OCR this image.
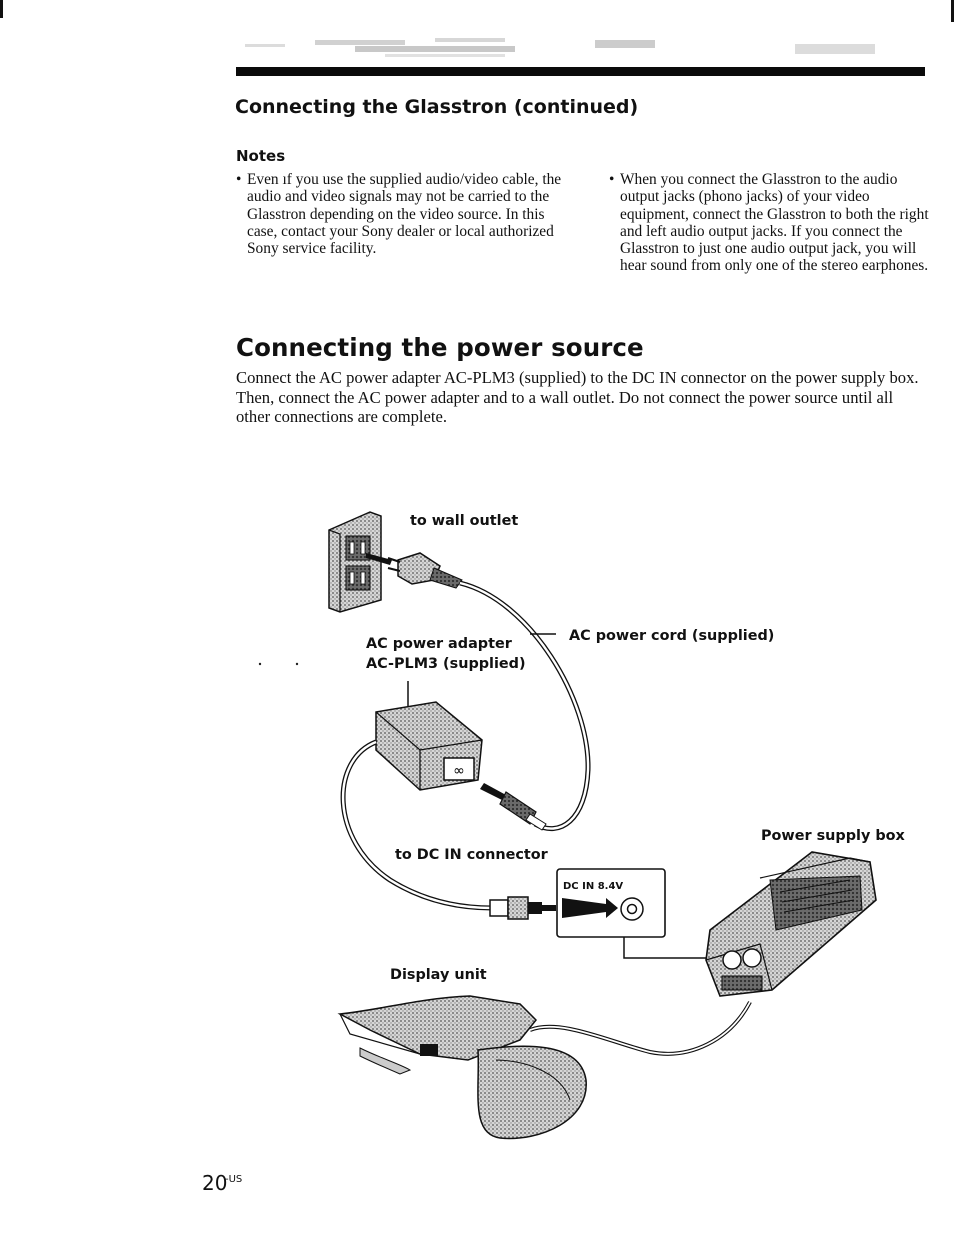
Connecting the Glasstron (continued)
Notes
• Even ıf you use the supplied audio/video cable, the audio and video signals may not be carried to the Glasstron depending on the video source. In this case, contact your Sony dealer or local authorized Sony service facility.
• When you connect the Glasstron to the audio output jacks (phono jacks) of your video equipment, connect the Glasstron to both the right and left audio output jacks. If you connect the Glasstron to just one audio output jack, you will hear sound from only one of the stereo earphones.
Connecting the power source
Connect the AC power adapter AC-PLM3 (supplied) to the DC IN connector on the power supply box. Then, connect the AC power adapter and to a wall outlet. Do not connect the power source until all other connections are complete.
∞
to wall outlet
AC power adapter
AC-PLM3 (supplied)
AC power cord (supplied)
to DC IN connector
Power supply box
Display unit
DC IN 8.4V
20
-US
